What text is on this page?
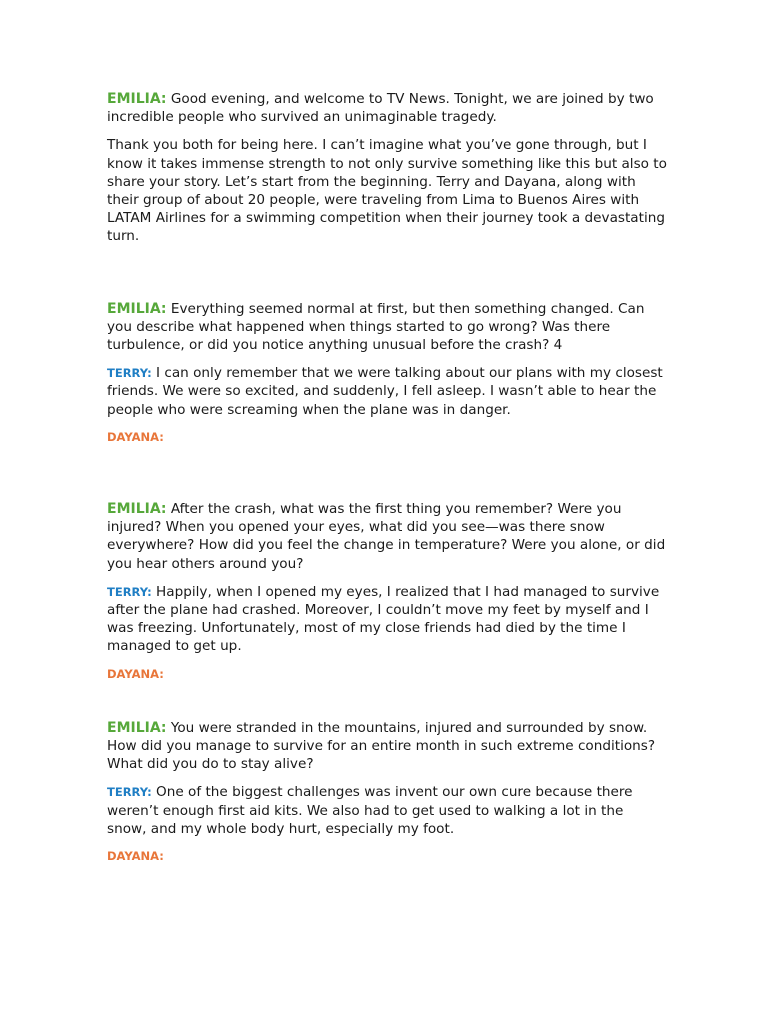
EMILIA: Good evening, and welcome to TV News. Tonight, we are joined by two incredible people who survived an unimaginable tragedy.

Thank you both for being here. I can’t imagine what you’ve gone through, but I know it takes immense strength to not only survive something like this but also to share your story. Let’s start from the beginning. Terry and Dayana, along with their group of about 20 people, were traveling from Lima to Buenos Aires with LATAM Airlines for a swimming competition when their journey took a devastating turn.

EMILIA: Everything seemed normal at first, but then something changed. Can you describe what happened when things started to go wrong? Was there turbulence, or did you notice anything unusual before the crash? 4

TERRY: I can only remember that we were talking about our plans with my closest friends. We were so excited, and suddenly, I fell asleep. I wasn’t able to hear the people who were screaming when the plane was in danger.

DAYANA:

EMILIA: After the crash, what was the first thing you remember? Were you injured? When you opened your eyes, what did you see—was there snow everywhere? How did you feel the change in temperature? Were you alone, or did you hear others around you?

TERRY: Happily, when I opened my eyes, I realized that I had managed to survive after the plane had crashed. Moreover, I couldn’t move my feet by myself and I was freezing. Unfortunately, most of my close friends had died by the time I managed to get up.

DAYANA:

EMILIA: You were stranded in the mountains, injured and surrounded by snow. How did you manage to survive for an entire month in such extreme conditions? What did you do to stay alive?

TERRY: One of the biggest challenges was invent our own cure because there weren’t enough first aid kits. We also had to get used to walking a lot in the snow, and my whole body hurt, especially my foot.

DAYANA:
